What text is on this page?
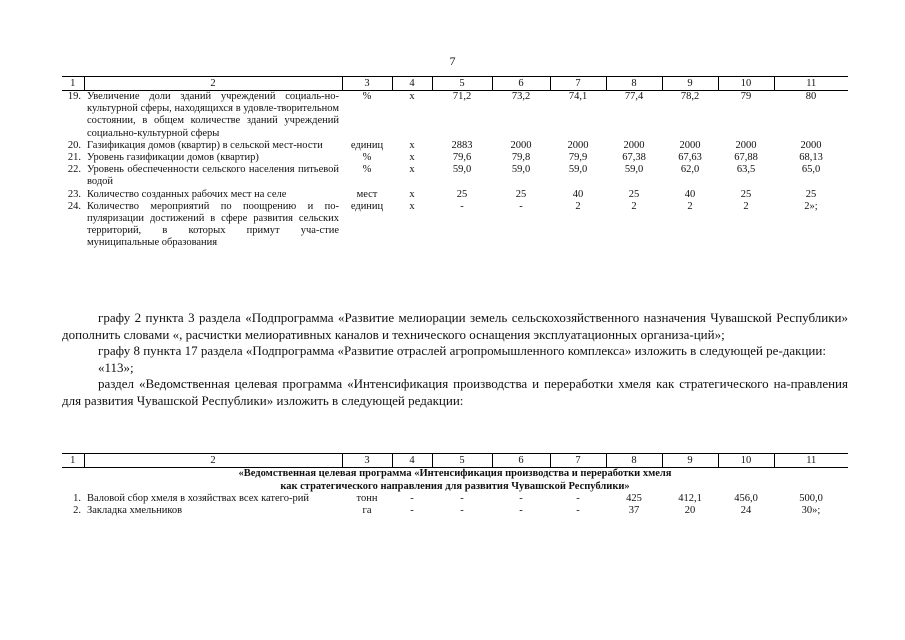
7
1	2	3	4	5	6	7	8	9	10	11
19.	Увеличение доли зданий учреждений социаль-но-культурной сферы, находящихся в удовле-творительном состоянии, в общем количестве зданий учреждений социально-культурной сферы	%	х	71,2	73,2	74,1	77,4	78,2	79	80
20.	Газификация домов (квартир) в сельской мест-ности	единиц	х	2883	2000	2000	2000	2000	2000	2000
21.	Уровень газификации домов (квартир)	%	х	79,6	79,8	79,9	67,38	67,63	67,88	68,13
22.	Уровень обеспеченности сельского населения питьевой водой	%	х	59,0	59,0	59,0	59,0	62,0	63,5	65,0
23.	Количество созданных рабочих мест на селе	мест	х	25	25	40	25	40	25	25
24.	Количество мероприятий по поощрению и по-пуляризации достижений в сфере развития сельских территорий, в которых примут уча-стие муниципальные образования	единиц	х	-	-	2	2	2	2	2»;

графу 2 пункта 3 раздела «Подпрограмма «Развитие мелиорации земель сельскохозяйственного назначения Чувашской Республики» дополнить словами «, расчистки мелиоративных каналов и технического оснащения эксплуатационных организа-ций»;

графу 8 пункта 17 раздела «Подпрограмма «Развитие отраслей агропромышленного комплекса» изложить в следующей ре-дакции:

«113»;

раздел «Ведомственная целевая программа «Интенсификация производства и переработки хмеля как стратегического на-правления для развития Чувашской Республики» изложить в следующей редакции:

1	2	3	4	5	6	7	8	9	10	11

«Ведомственная целевая программа «Интенсификация производства и переработки хмеля
как стратегического направления для развития Чувашской Республики»										

1.	Валовой сбор хмеля в хозяйствах всех катего-рий	тонн	-	-	-	-	425	412,1	456,0	500,0
2.	Закладка хмельников	га	-	-	-	-	37	20	24	30»;
